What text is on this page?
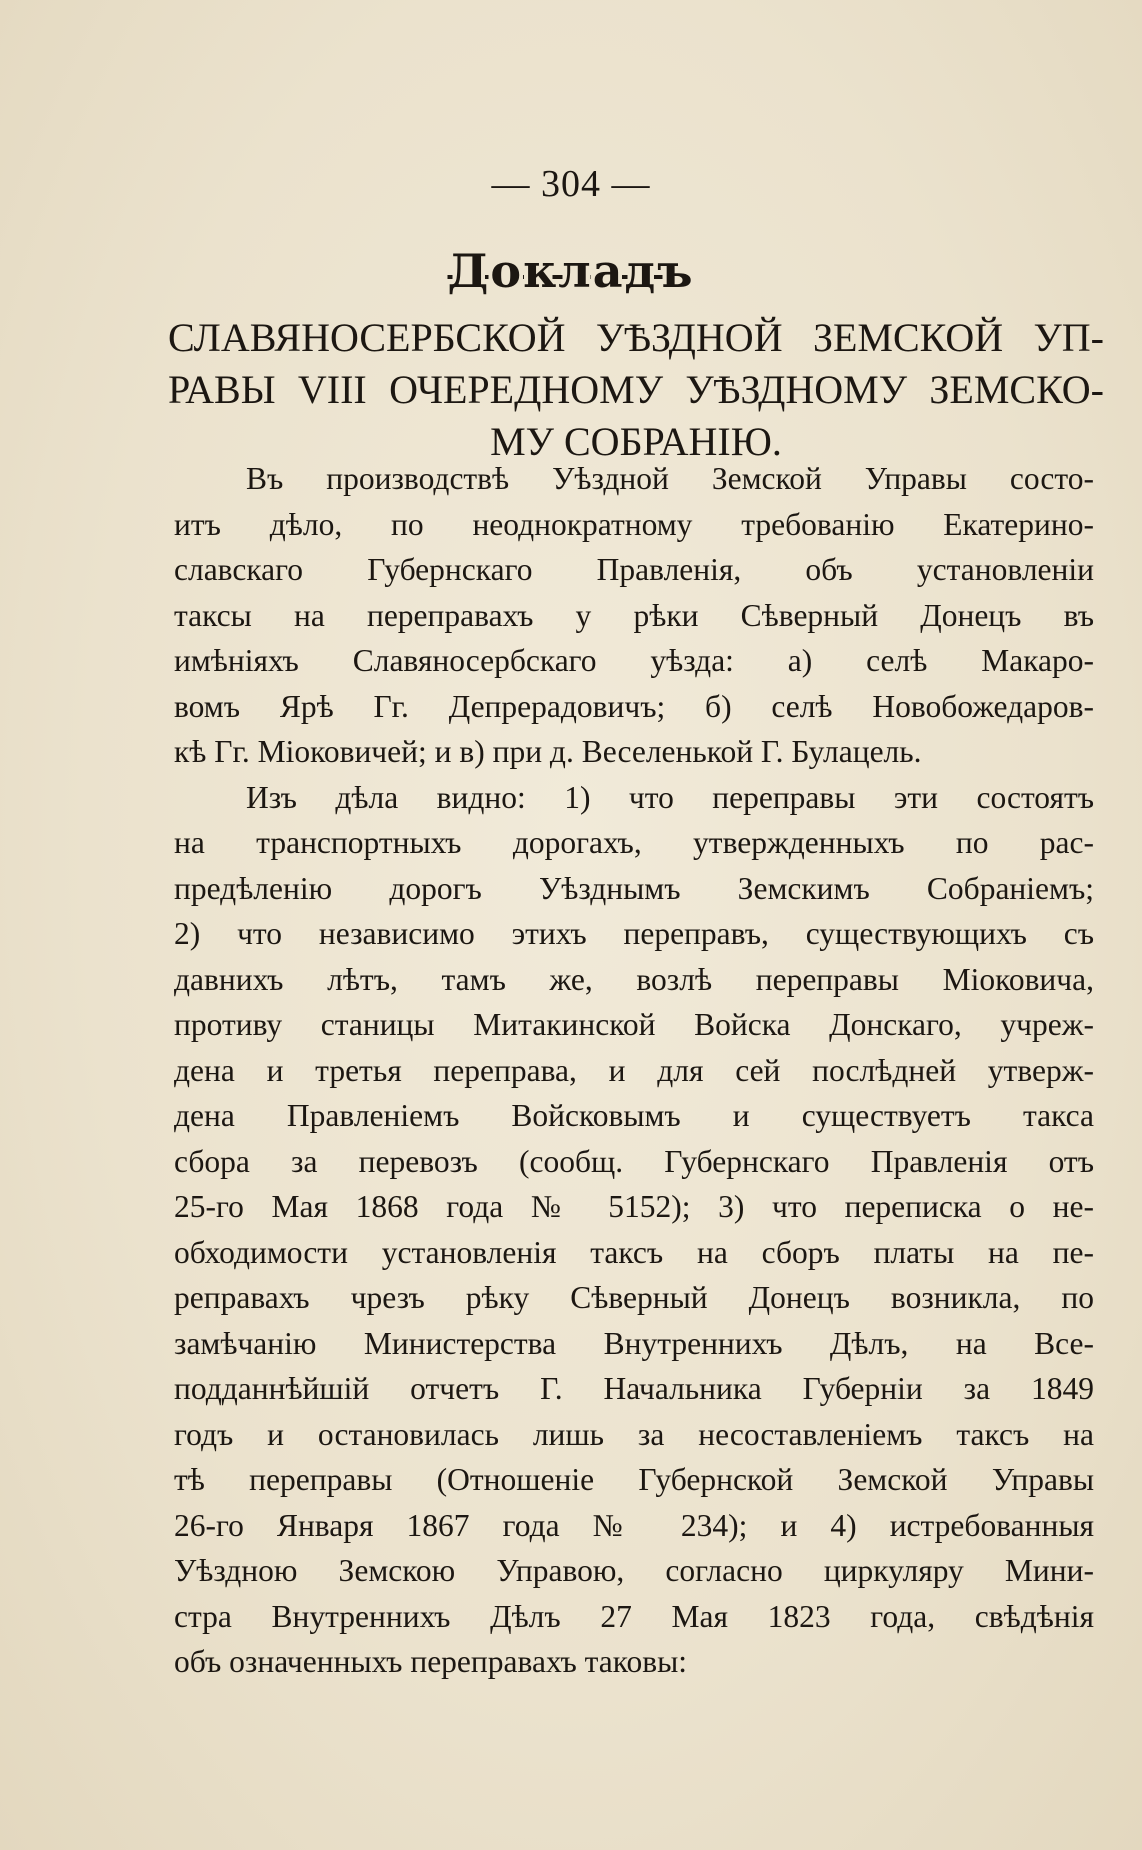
— 304 —
Докладъ
СЛАВЯНОСЕРБСКОЙ УѢЗДНОЙ ЗЕМСКОЙ УП-
РАВЫ VIII ОЧЕРЕДНОМУ УѢЗДНОМУ ЗЕМСКО-
МУ СОБРАНІЮ.
Въ производствѣ Уѣздной Земской Управы состо-
итъ дѣло, по неоднократному требованію Екатерино-
славскаго Губернскаго Правленія, объ установленіи
таксы на переправахъ у рѣки Сѣверный Донецъ въ
имѣніяхъ Славяносербскаго уѣзда: а) селѣ Макаро-
вомъ Ярѣ Гг. Депрерадовичъ; б) селѣ Новобожедаров-
кѣ Гг. Міоковичей; и в) при д. Веселенькой Г. Булацель.
Изъ дѣла видно: 1) что переправы эти состоятъ
на транспортныхъ дорогахъ, утвержденныхъ по рас-
предѣленію дорогъ Уѣзднымъ Земскимъ Собраніемъ;
2) что независимо этихъ переправъ, существующихъ съ
давнихъ лѣтъ, тамъ же, возлѣ переправы Міоковича,
противу станицы Митакинской Войска Донскаго, учреж-
дена и третья переправа, и для сей послѣдней утверж-
дена Правленіемъ Войсковымъ и существуетъ такса
сбора за перевозъ (сообщ. Губернскаго Правленія отъ
25-го Мая 1868 года № 5152); 3) что переписка о не-
обходимости установленія таксъ на сборъ платы на пе-
реправахъ чрезъ рѣку Сѣверный Донецъ возникла, по
замѣчанію Министерства Внутреннихъ Дѣлъ, на Все-
подданнѣйшій отчетъ Г. Начальника Губерніи за 1849
годъ и остановилась лишь за несоставленіемъ таксъ на
тѣ переправы (Отношеніе Губернской Земской Управы
26-го Января 1867 года № 234); и 4) истребованныя
Уѣздною Земскою Управою, согласно циркуляру Мини-
стра Внутреннихъ Дѣлъ 27 Мая 1823 года, свѣдѣнія
объ означенныхъ переправахъ таковы:
